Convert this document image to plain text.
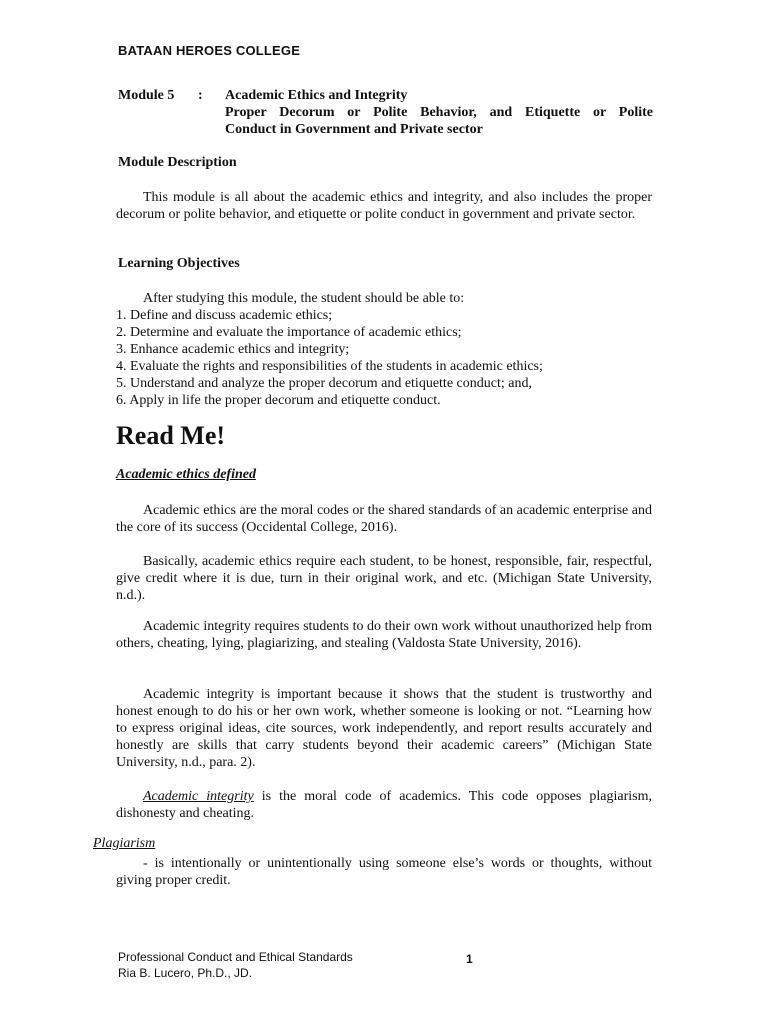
BATAAN HEROES COLLEGE
Module 5 : Academic Ethics and Integrity
Proper Decorum or Polite Behavior, and Etiquette or Polite
Conduct in Government and Private sector
Module Description
This module is all about the academic ethics and integrity, and also includes the proper decorum or polite behavior, and etiquette or polite conduct in government and private sector.
Learning Objectives
After studying this module, the student should be able to:
1. Define and discuss academic ethics;
2. Determine and evaluate the importance of academic ethics;
3. Enhance academic ethics and integrity;
4. Evaluate the rights and responsibilities of the students in academic ethics;
5. Understand and analyze the proper decorum and etiquette conduct; and,
6. Apply in life the proper decorum and etiquette conduct.
Read Me!
Academic ethics defined
Academic ethics are the moral codes or the shared standards of an academic enterprise and the core of its success (Occidental College, 2016).
Basically, academic ethics require each student, to be honest, responsible, fair, respectful, give credit where it is due, turn in their original work, and etc. (Michigan State University, n.d.).
Academic integrity requires students to do their own work without unauthorized help from others, cheating, lying, plagiarizing, and stealing (Valdosta State University, 2016).
Academic integrity is important because it shows that the student is trustworthy and honest enough to do his or her own work, whether someone is looking or not. “Learning how to express original ideas, cite sources, work independently, and report results accurately and honestly are skills that carry students beyond their academic careers” (Michigan State University, n.d., para. 2).
Academic integrity is the moral code of academics. This code opposes plagiarism, dishonesty and cheating.
Plagiarism
- is intentionally or unintentionally using someone else’s words or thoughts, without giving proper credit.
Professional Conduct and Ethical Standards
Ria B. Lucero, Ph.D., JD.
1
